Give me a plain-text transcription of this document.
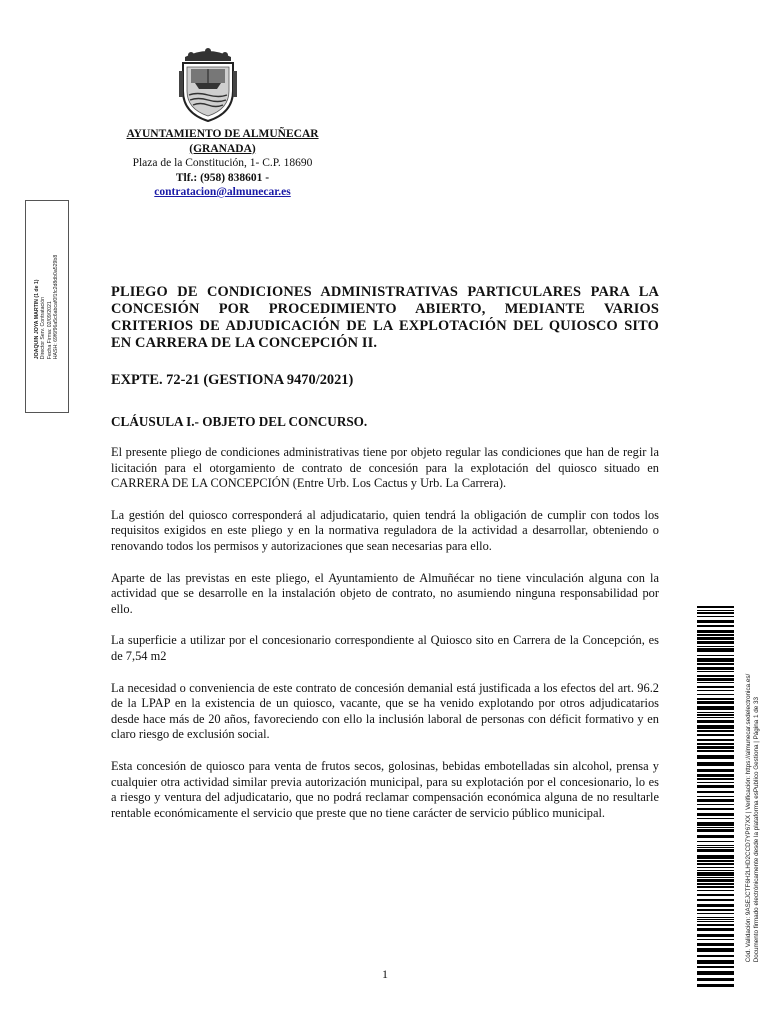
AYUNTAMIENTO DE ALMUÑECAR
(GRANADA)
Plaza de la Constitución, 1- C.P. 18690
Tlf.: (958) 838601 -
contratacion@almunecar.es
JOAQUIN JOYA MARTIN (1 de 1) Director Serv. Contratación Fecha Firma: 02/09/2021 HASH: 69f6f96a5c6abcaf0f1fc2d8db0a529b8	PLIEGO DE CONDICIONES ADMINISTRATIVAS PARTICULARES PARA LA CONCESIÓN POR PROCEDIMIENTO ABIERTO, MEDIANTE VARIOS CRITERIOS DE ADJUDICACIÓN DE LA EXPLOTACIÓN DEL QUIOSCO SITO EN CARRERA DE LA CONCEPCIÓN II.

EXPTE. 72-21 (GESTIONA 9470/2021)

CLÁUSULA I.- OBJETO DEL CONCURSO.

El presente pliego de condiciones administrativas tiene por objeto regular las condiciones que han de regir la licitación para el otorgamiento de contrato de concesión para la explotación del quiosco situado en CARRERA DE LA CONCEPCIÓN (Entre Urb. Los Cactus y Urb. La Carrera).

La gestión del quiosco corresponderá al adjudicatario, quien tendrá la obligación de cumplir con todos los requisitos exigidos en este pliego y en la normativa reguladora de la actividad a desarrollar, obteniendo o renovando todos los permisos y autorizaciones que sean necesarias para ello.

Aparte de las previstas en este pliego, el Ayuntamiento de Almuñécar no tiene vinculación alguna con la actividad que se desarrolle en la instalación objeto de contrato, no asumiendo ninguna responsabilidad por ello.

La superficie a utilizar por el concesionario correspondiente al Quiosco sito en Carrera de la Concepción, es de 7,54 m2

La necesidad o conveniencia de este contrato de concesión demanial está justificada a los efectos del art. 96.2 de la LPAP en la existencia de un quiosco, vacante, que se ha venido explotando por otros adjudicatarios desde hace más de 20 años, favoreciendo con ello la inclusión laboral de personas con déficit formativo y en claro riesgo de exclusión social.

Esta concesión de quiosco para venta de frutos secos, golosinas, bebidas embotelladas sin alcohol, prensa y cualquier otra actividad similar previa autorización municipal, para su explotación por el concesionario, lo es a riesgo y ventura del adjudicatario, que no podrá reclamar compensación económica alguna de no resultarle rentable económicamente el servicio que preste que no tiene carácter de servicio público municipal.

1
Cód. Validación: 9ASEJCTF6H2LHD2CCD7YP67XX | Verificación: https://almunecar.sedelectronica.es/ Documento firmado electrónicamente desde la plataforma esPublico Gestiona | Página 1 de 33
